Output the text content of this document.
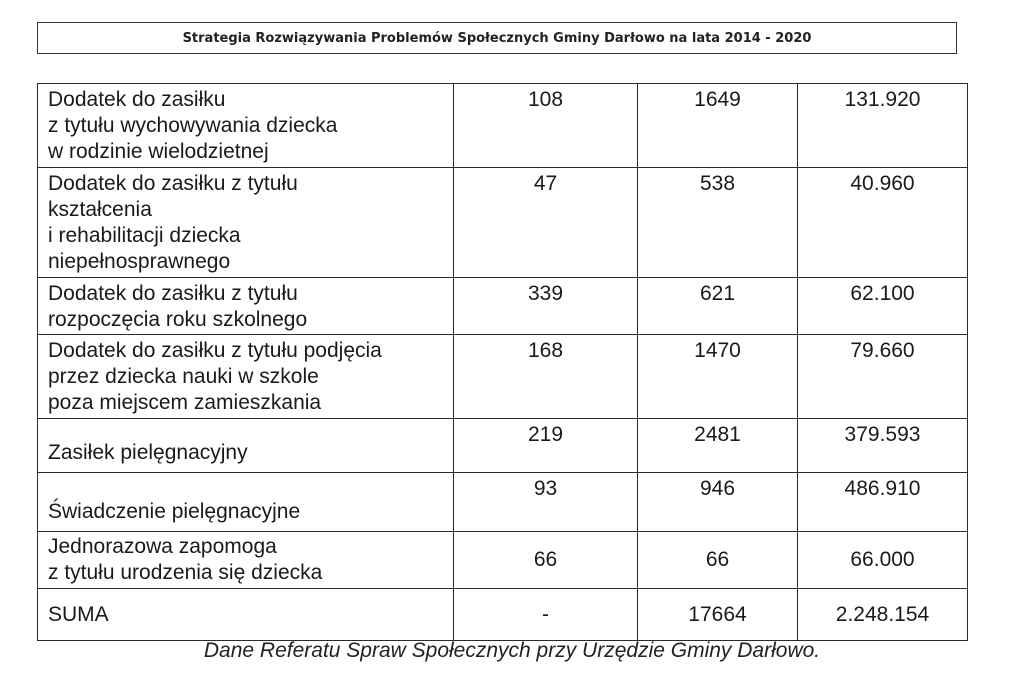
Strategia Rozwiązywania Problemów Społecznych Gminy Darłowo na lata 2014 - 2020
Dodatek do zasiłku
z tytułu wychowywania dziecka
w rodzinie wielodzietnej	108	1649	131.920
Dodatek do zasiłku z tytułu
kształcenia
i rehabilitacji dziecka
niepełnosprawnego	47	538	40.960
Dodatek do zasiłku z tytułu
rozpoczęcia roku szkolnego	339	621	62.100
Dodatek do zasiłku z tytułu podjęcia
przez dziecka nauki w szkole
poza miejscem zamieszkania	168	1470	79.660
Zasiłek pielęgnacyjny	219	2481	379.593
Świadczenie pielęgnacyjne	93	946	486.910
Jednorazowa zapomoga
z tytułu urodzenia się dziecka	66	66	66.000
SUMA	-	17664	2.248.154
Dane Referatu Spraw Społecznych przy Urzędzie Gminy Darłowo.
